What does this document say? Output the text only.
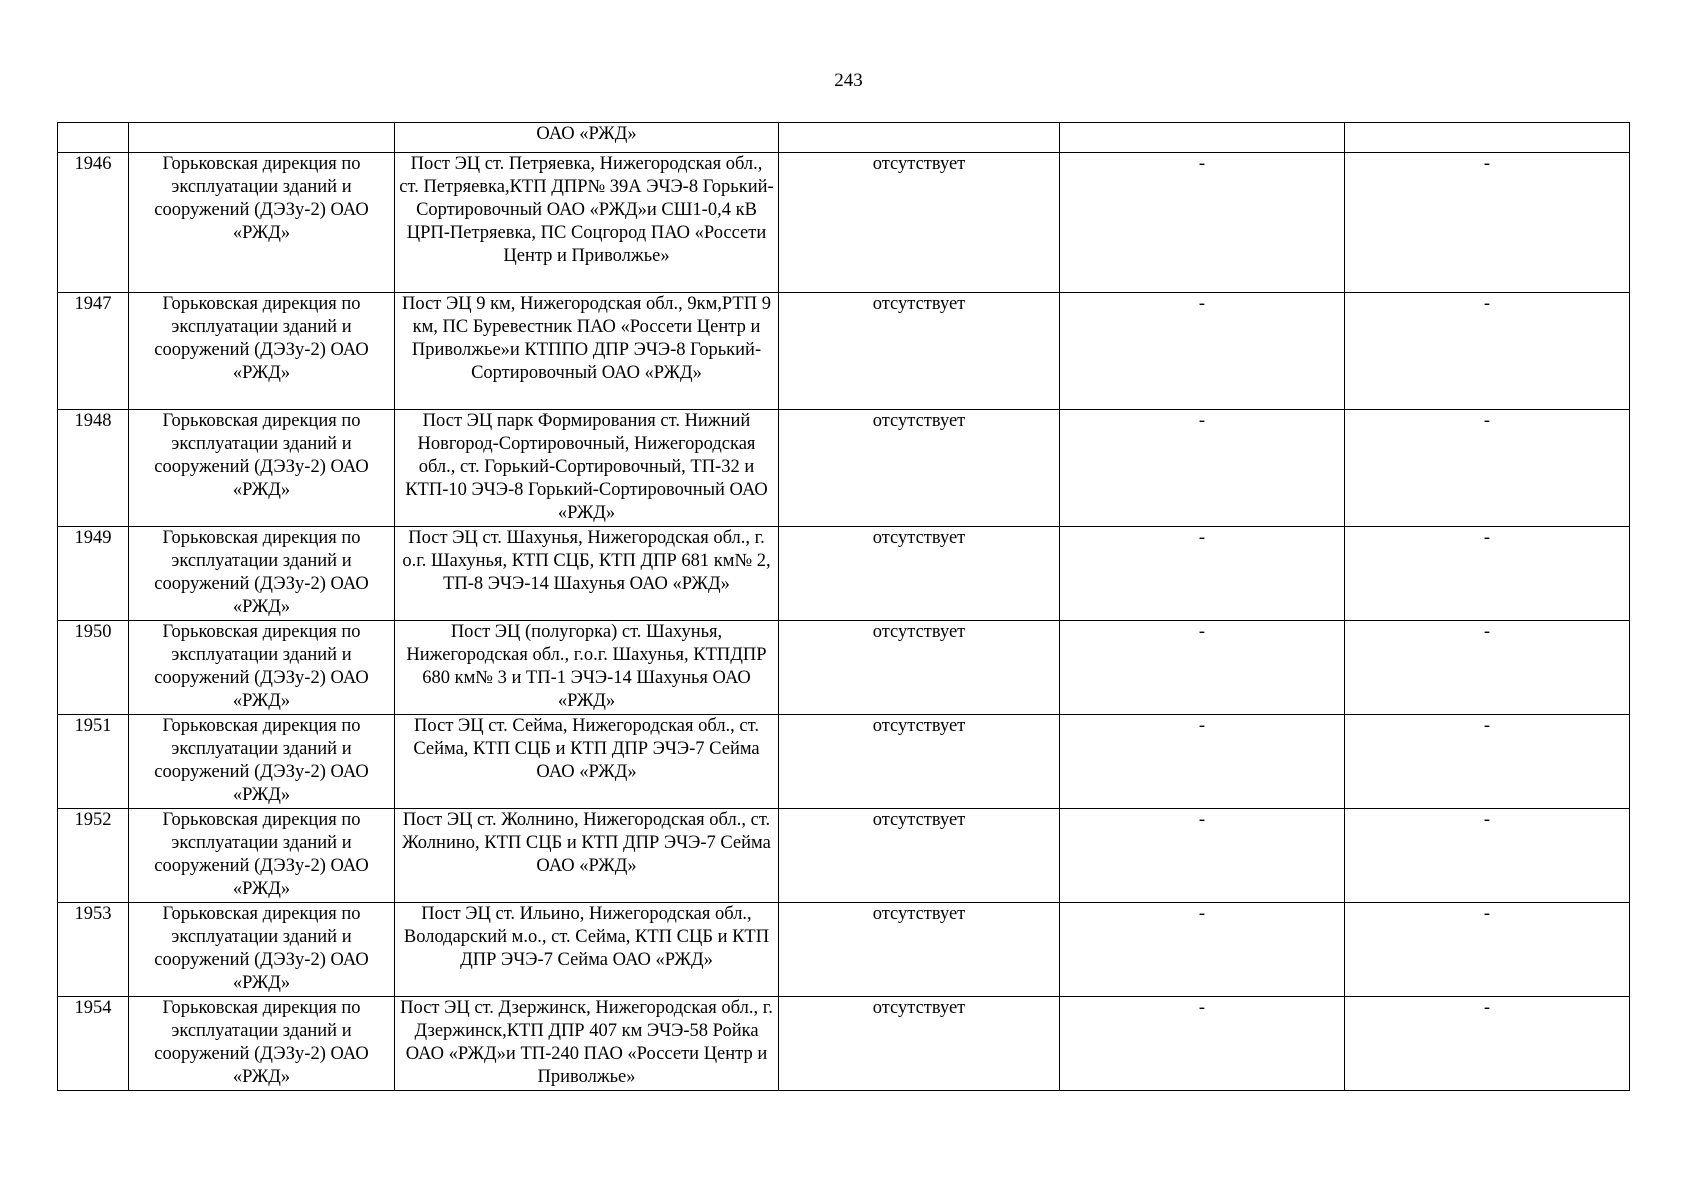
243
		ОАО «РЖД»			
1946	Горьковская дирекция по эксплуатации зданий и сооружений (ДЭЗу-2) ОАО «РЖД»	Пост ЭЦ ст. Петряевка, Нижегородская обл., ст. Петряевка,КТП ДПР№ 39А ЭЧЭ-8 Горький-Сортировочный ОАО «РЖД»и СШ1-0,4 кВ ЦРП-Петряевка, ПС Соцгород ПАО «Россети Центр и Приволжье»	отсутствует	-	-
1947	Горьковская дирекция по эксплуатации зданий и сооружений (ДЭЗу-2) ОАО «РЖД»	Пост ЭЦ 9 км, Нижегородская обл., 9км,РТП 9 км, ПС Буревестник ПАО «Россети Центр и Приволжье»и КТППО ДПР ЭЧЭ-8 Горький-Сортировочный ОАО «РЖД»	отсутствует	-	-
1948	Горьковская дирекция по эксплуатации зданий и сооружений (ДЭЗу-2) ОАО «РЖД»	Пост ЭЦ парк Формирования ст. Нижний Новгород-Сортировочный, Нижегородская обл., ст. Горький-Сортировочный, ТП-32 и КТП-10 ЭЧЭ-8 Горький-Сортировочный ОАО «РЖД»	отсутствует	-	-
1949	Горьковская дирекция по эксплуатации зданий и сооружений (ДЭЗу-2) ОАО «РЖД»	Пост ЭЦ ст. Шахунья, Нижегородская обл., г. о.г. Шахунья, КТП СЦБ, КТП ДПР 681 км№ 2, ТП-8 ЭЧЭ-14 Шахунья ОАО «РЖД»	отсутствует	-	-
1950	Горьковская дирекция по эксплуатации зданий и сооружений (ДЭЗу-2) ОАО «РЖД»	Пост ЭЦ (полугорка) ст. Шахунья, Нижегородская обл., г.о.г. Шахунья, КТПДПР 680 км№ 3 и ТП-1 ЭЧЭ-14 Шахунья ОАО «РЖД»	отсутствует	-	-
1951	Горьковская дирекция по эксплуатации зданий и сооружений (ДЭЗу-2) ОАО «РЖД»	Пост ЭЦ ст. Сейма, Нижегородская обл., ст. Сейма, КТП СЦБ и КТП ДПР ЭЧЭ-7 Сейма ОАО «РЖД»	отсутствует	-	-
1952	Горьковская дирекция по эксплуатации зданий и сооружений (ДЭЗу-2) ОАО «РЖД»	Пост ЭЦ ст. Жолнино, Нижегородская обл., ст. Жолнино, КТП СЦБ и КТП ДПР ЭЧЭ-7 Сейма ОАО «РЖД»	отсутствует	-	-
1953	Горьковская дирекция по эксплуатации зданий и сооружений (ДЭЗу-2) ОАО «РЖД»	Пост ЭЦ ст. Ильино, Нижегородская обл., Володарский м.о., ст. Сейма, КТП СЦБ и КТП ДПР ЭЧЭ-7 Сейма ОАО «РЖД»	отсутствует	-	-
1954	Горьковская дирекция по эксплуатации зданий и сооружений (ДЭЗу-2) ОАО «РЖД»	Пост ЭЦ ст. Дзержинск, Нижегородская обл., г. Дзержинск,КТП ДПР 407 км ЭЧЭ-58 Ройка ОАО «РЖД»и ТП-240 ПАО «Россети Центр и Приволжье»	отсутствует	-	-
